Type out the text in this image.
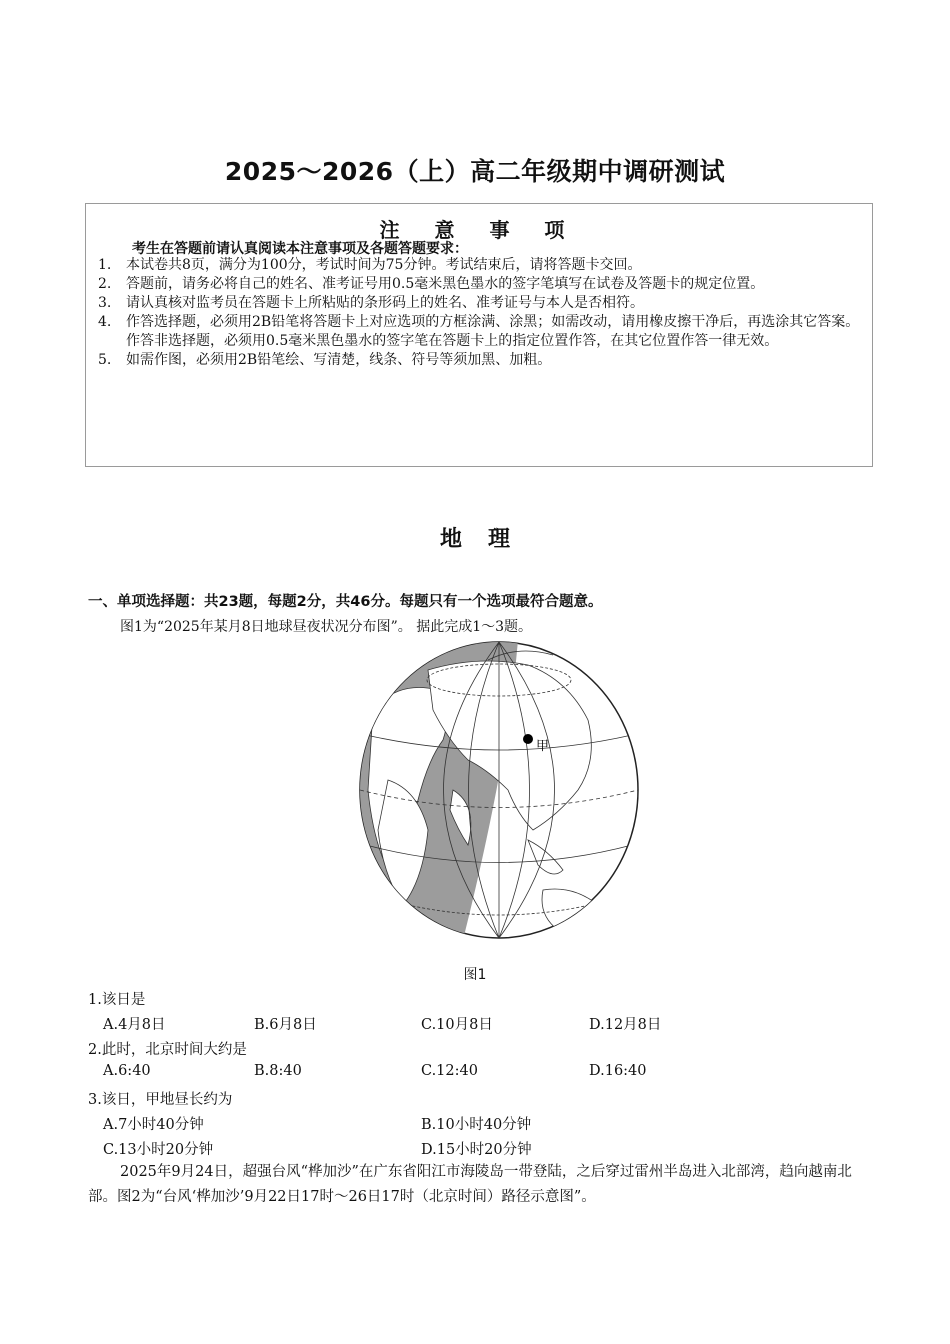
2025～2026（上）高二年级期中调研测试
注 意 事 项
考生在答题前请认真阅读本注意事项及各题答题要求：
1.	本试卷共8页，满分为100分，考试时间为75分钟。考试结束后，请将答题卡交回。
2.	答题前，请务必将自己的姓名、准考证号用0.5毫米黑色墨水的签字笔填写在试卷及答题卡的规定位置。
3.	请认真核对监考员在答题卡上所粘贴的条形码上的姓名、准考证号与本人是否相符。
4.	作答选择题，必须用2B铅笔将答题卡上对应选项的方框涂满、涂黑；如需改动，请用橡皮擦干净后，再选涂其它答案。作答非选择题，必须用0.5毫米黑色墨水的签字笔在答题卡上的指定位置作答，在其它位置作答一律无效。
5.	如需作图，必须用2B铅笔绘、写清楚，线条、符号等须加黑、加粗。
地理
一、单项选择题：共23题，每题2分，共46分。每题只有一个选项最符合题意。
图1为“2025年某月8日地球昼夜状况分布图”。 据此完成1～3题。
甲
图1
1.该日是
A.4月8日	B.6月8日	C.10月8日	D.12月8日
2.此时，北京时间大约是
A.6:40	B.8:40	C.12:40	D.16:40
3.该日，甲地昼长约为
A.7小时40分钟	B.10小时40分钟
C.13小时20分钟	D.15小时20分钟
2025年9月24日，超强台风“桦加沙”在广东省阳江市海陵岛一带登陆，之后穿过雷州半岛进入北部湾，趋向越南北部。图2为“台风‘桦加沙’9月22日17时～26日17时（北京时间）路径示意图”。
